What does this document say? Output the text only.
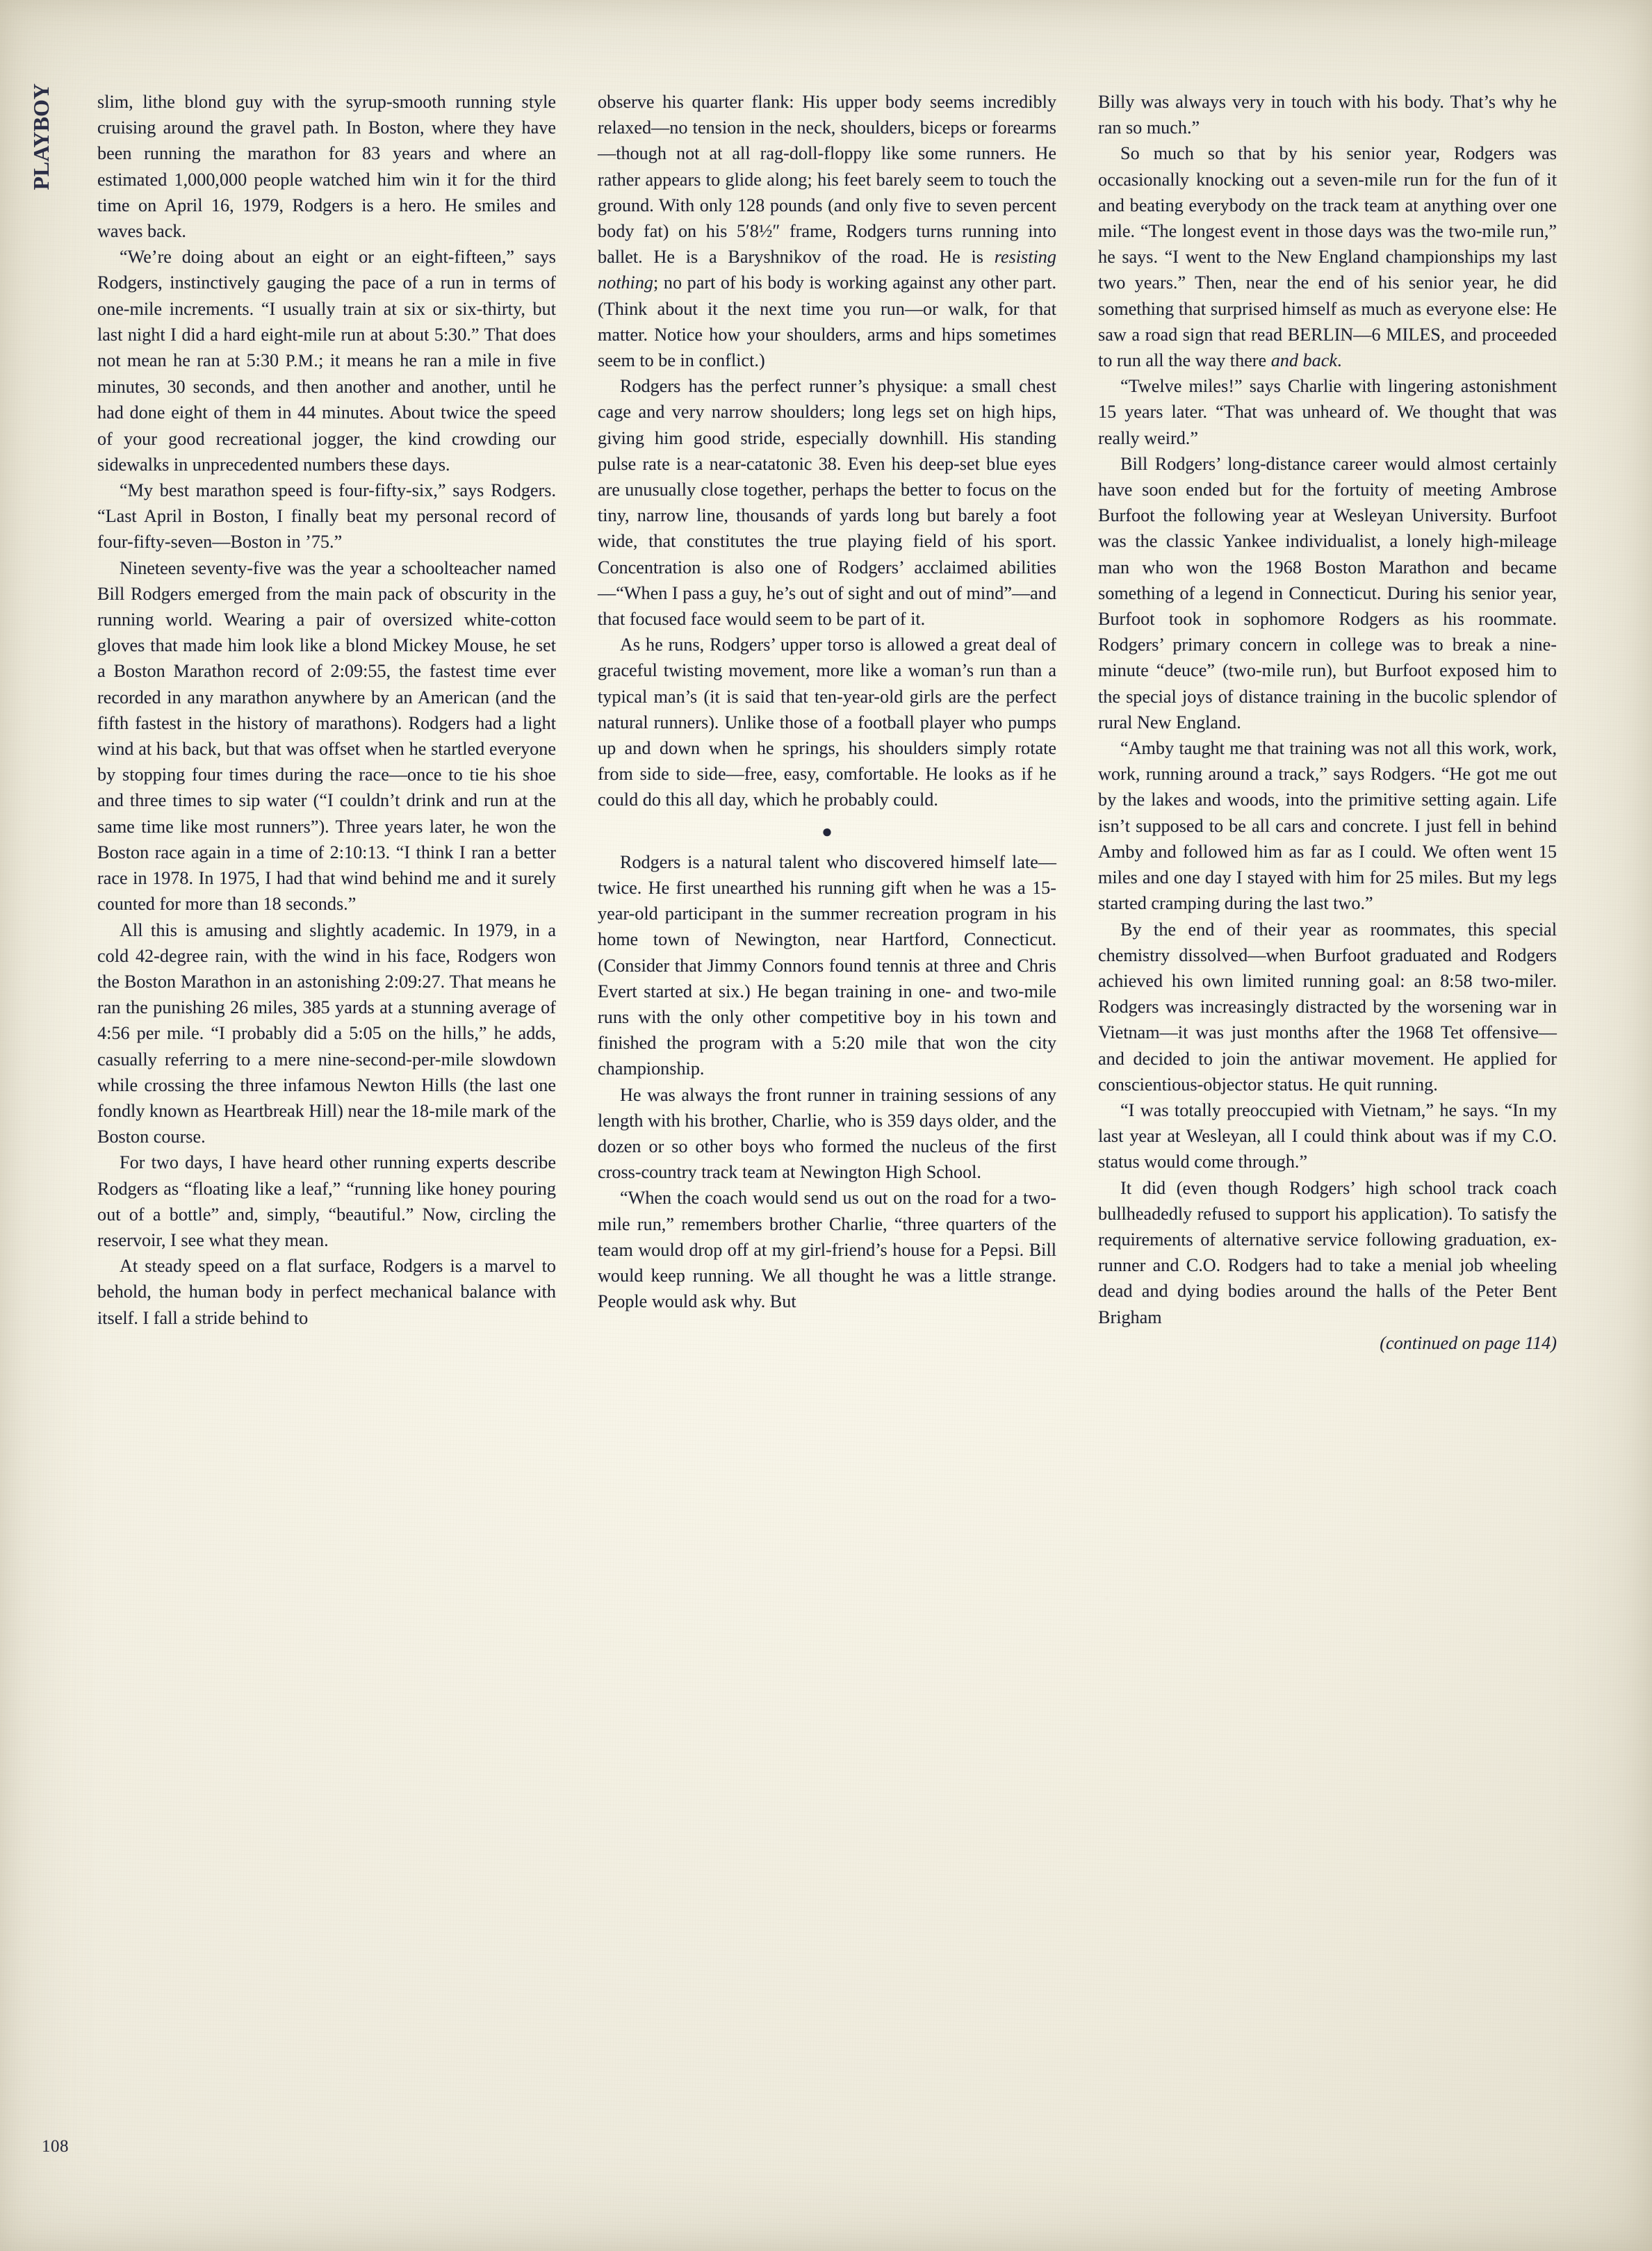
PLAYBOY slim, lithe blond guy with the syrup-smooth running style cruising around the gravel path. In Boston, where they have been running the marathon for 83 years and where an estimated 1,000,000 people watched him win it for the third time on April 16, 1979, Rodgers is a hero. He smiles and waves back.

“We’re doing about an eight or an eight-fifteen,” says Rodgers, instinctively gauging the pace of a run in terms of one-mile increments. “I usually train at six or six-thirty, but last night I did a hard eight-mile run at about 5:30.” That does not mean he ran at 5:30 P.M.; it means he ran a mile in five minutes, 30 seconds, and then another and another, until he had done eight of them in 44 minutes. About twice the speed of your good recreational jogger, the kind crowding our sidewalks in unprecedented numbers these days.

“My best marathon speed is four-fifty-six,” says Rodgers. “Last April in Boston, I finally beat my personal record of four-fifty-seven—Boston in ’75.”

Nineteen seventy-five was the year a schoolteacher named Bill Rodgers emerged from the main pack of obscurity in the running world. Wearing a pair of oversized white-cotton gloves that made him look like a blond Mickey Mouse, he set a Boston Marathon record of 2:09:55, the fastest time ever recorded in any marathon anywhere by an American (and the fifth fastest in the history of marathons). Rodgers had a light wind at his back, but that was offset when he startled everyone by stopping four times during the race—once to tie his shoe and three times to sip water (“I couldn’t drink and run at the same time like most runners”). Three years later, he won the Boston race again in a time of 2:10:13. “I think I ran a better race in 1978. In 1975, I had that wind behind me and it surely counted for more than 18 seconds.”

All this is amusing and slightly academic. In 1979, in a cold 42-degree rain, with the wind in his face, Rodgers won the Boston Marathon in an astonishing 2:09:27. That means he ran the punishing 26 miles, 385 yards at a stunning average of 4:56 per mile. “I probably did a 5:05 on the hills,” he adds, casually referring to a mere nine-second-per-mile slowdown while crossing the three infamous Newton Hills (the last one fondly known as Heartbreak Hill) near the 18-mile mark of the Boston course.

For two days, I have heard other running experts describe Rodgers as “floating like a leaf,” “running like honey pouring out of a bottle” and, simply, “beautiful.” Now, circling the reservoir, I see what they mean.

At steady speed on a flat surface, Rodgers is a marvel to behold, the human body in perfect mechanical balance with itself. I fall a stride behind to

observe his quarter flank: His upper body seems incredibly relaxed—no tension in the neck, shoulders, biceps or forearms—though not at all rag-doll-floppy like some runners. He rather appears to glide along; his feet barely seem to touch the ground. With only 128 pounds (and only five to seven percent body fat) on his 5′8½″ frame, Rodgers turns running into ballet. He is a Baryshnikov of the road. He is resisting nothing; no part of his body is working against any other part. (Think about it the next time you run—or walk, for that matter. Notice how your shoulders, arms and hips sometimes seem to be in conflict.)

Rodgers has the perfect runner’s physique: a small chest cage and very narrow shoulders; long legs set on high hips, giving him good stride, especially downhill. His standing pulse rate is a near-catatonic 38. Even his deep-set blue eyes are unusually close together, perhaps the better to focus on the tiny, narrow line, thousands of yards long but barely a foot wide, that constitutes the true playing field of his sport. Concentration is also one of Rodgers’ acclaimed abilities—“When I pass a guy, he’s out of sight and out of mind”—and that focused face would seem to be part of it.

As he runs, Rodgers’ upper torso is allowed a great deal of graceful twisting movement, more like a woman’s run than a typical man’s (it is said that ten-year-old girls are the perfect natural runners). Unlike those of a football player who pumps up and down when he springs, his shoulders simply rotate from side to side—free, easy, comfortable. He looks as if he could do this all day, which he probably could.

●

Rodgers is a natural talent who discovered himself late—twice. He first unearthed his running gift when he was a 15-year-old participant in the summer recreation program in his home town of Newington, near Hartford, Connecticut. (Consider that Jimmy Connors found tennis at three and Chris Evert started at six.) He began training in one- and two-mile runs with the only other competitive boy in his town and finished the program with a 5:20 mile that won the city championship.

He was always the front runner in training sessions of any length with his brother, Charlie, who is 359 days older, and the dozen or so other boys who formed the nucleus of the first cross-country track team at Newington High School.

“When the coach would send us out on the road for a two-mile run,” remembers brother Charlie, “three quarters of the team would drop off at my girl-friend’s house for a Pepsi. Bill would keep running. We all thought he was a little strange. People would ask why. But

Billy was always very in touch with his body. That’s why he ran so much.”

So much so that by his senior year, Rodgers was occasionally knocking out a seven-mile run for the fun of it and beating everybody on the track team at anything over one mile. “The longest event in those days was the two-mile run,” he says. “I went to the New England championships my last two years.” Then, near the end of his senior year, he did something that surprised himself as much as everyone else: He saw a road sign that read BERLIN—6 MILES, and proceeded to run all the way there and back.

“Twelve miles!” says Charlie with lingering astonishment 15 years later. “That was unheard of. We thought that was really weird.”

Bill Rodgers’ long-distance career would almost certainly have soon ended but for the fortuity of meeting Ambrose Burfoot the following year at Wesleyan University. Burfoot was the classic Yankee individualist, a lonely high-mileage man who won the 1968 Boston Marathon and became something of a legend in Connecticut. During his senior year, Burfoot took in sophomore Rodgers as his roommate. Rodgers’ primary concern in college was to break a nine-minute “deuce” (two-mile run), but Burfoot exposed him to the special joys of distance training in the bucolic splendor of rural New England.

“Amby taught me that training was not all this work, work, work, running around a track,” says Rodgers. “He got me out by the lakes and woods, into the primitive setting again. Life isn’t supposed to be all cars and concrete. I just fell in behind Amby and followed him as far as I could. We often went 15 miles and one day I stayed with him for 25 miles. But my legs started cramping during the last two.”

By the end of their year as roommates, this special chemistry dissolved—when Burfoot graduated and Rodgers achieved his own limited running goal: an 8:58 two-miler. Rodgers was increasingly distracted by the worsening war in Vietnam—it was just months after the 1968 Tet offensive—and decided to join the antiwar movement. He applied for conscientious-objector status. He quit running.

“I was totally preoccupied with Vietnam,” he says. “In my last year at Wesleyan, all I could think about was if my C.O. status would come through.”

It did (even though Rodgers’ high school track coach bullheadedly refused to support his application). To satisfy the requirements of alternative service following graduation, ex-runner and C.O. Rodgers had to take a menial job wheeling dead and dying bodies around the halls of the Peter Bent Brigham

(continued on page 114)
108
